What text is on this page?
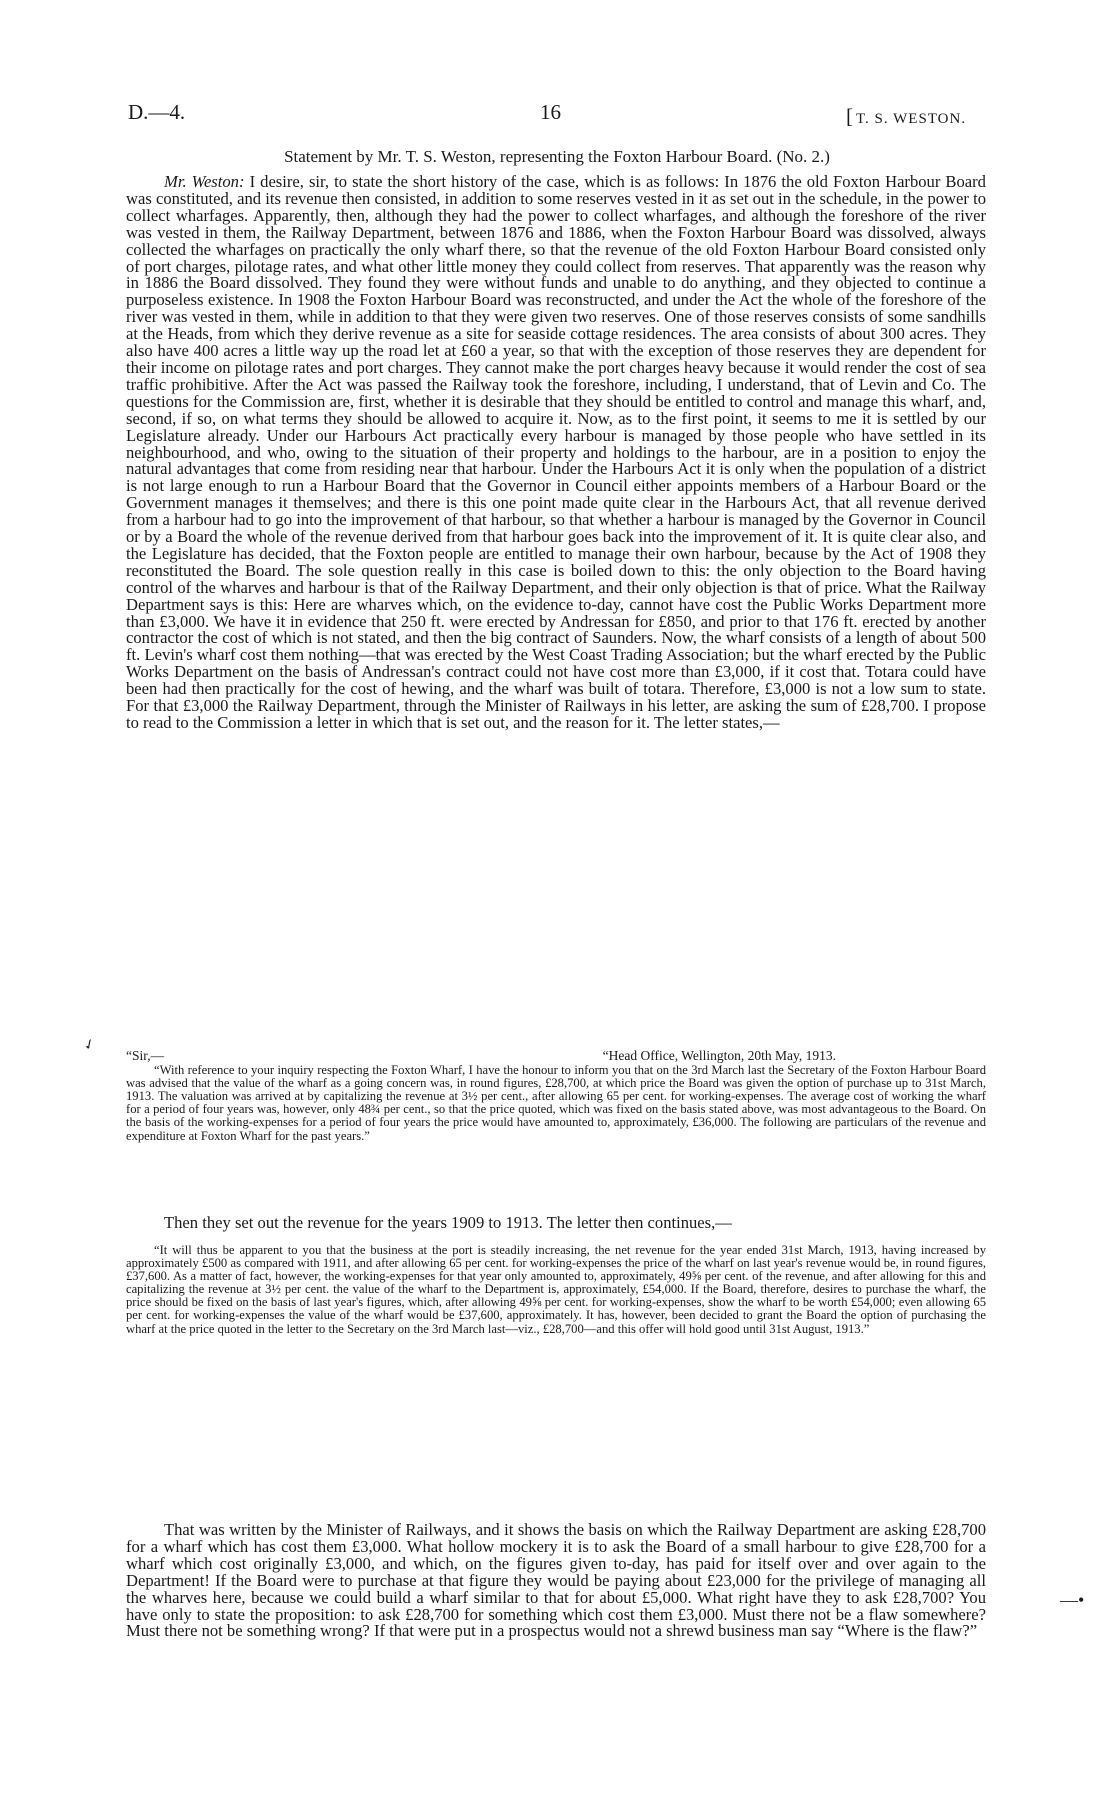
D.—4.	16	[ T. S. WESTON.
Statement by Mr. T. S. Weston, representing the Foxton Harbour Board. (No. 2.)

Mr. Weston: I desire, sir, to state the short history of the case, which is as follows: In 1876 the old Foxton Harbour Board was constituted, and its revenue then consisted, in addition to some reserves vested in it as set out in the schedule, in the power to collect wharfages. Apparently, then, although they had the power to collect wharfages, and although the foreshore of the river was vested in them, the Railway Department, between 1876 and 1886, when the Foxton Harbour Board was dissolved, always collected the wharfages on practically the only wharf there, so that the revenue of the old Foxton Harbour Board consisted only of port charges, pilotage rates, and what other little money they could collect from reserves. That apparently was the reason why in 1886 the Board dissolved. They found they were without funds and unable to do anything, and they objected to continue a purposeless existence. In 1908 the Foxton Harbour Board was reconstructed, and under the Act the whole of the foreshore of the river was vested in them, while in addition to that they were given two reserves. One of those reserves consists of some sandhills at the Heads, from which they derive revenue as a site for seaside cottage residences. The area consists of about 300 acres. They also have 400 acres a little way up the road let at £60 a year, so that with the exception of those reserves they are dependent for their income on pilotage rates and port charges. They cannot make the port charges heavy because it would render the cost of sea traffic prohibitive. After the Act was passed the Railway took the foreshore, including, I understand, that of Levin and Co. The questions for the Commission are, first, whether it is desirable that they should be entitled to control and manage this wharf, and, second, if so, on what terms they should be allowed to acquire it. Now, as to the first point, it seems to me it is settled by our Legislature already. Under our Harbours Act practically every harbour is managed by those people who have settled in its neighbourhood, and who, owing to the situation of their property and holdings to the harbour, are in a position to enjoy the natural advantages that come from residing near that harbour. Under the Harbours Act it is only when the population of a district is not large enough to run a Harbour Board that the Governor in Council either appoints members of a Harbour Board or the Government manages it themselves; and there is this one point made quite clear in the Harbours Act, that all revenue derived from a harbour had to go into the improvement of that harbour, so that whether a harbour is managed by the Governor in Council or by a Board the whole of the revenue derived from that harbour goes back into the improvement of it. It is quite clear also, and the Legislature has decided, that the Foxton people are entitled to manage their own harbour, because by the Act of 1908 they reconstituted the Board. The sole question really in this case is boiled down to this: the only objection to the Board having control of the wharves and harbour is that of the Railway Department, and their only objection is that of price. What the Railway Department says is this: Here are wharves which, on the evidence to-day, cannot have cost the Public Works Department more than £3,000. We have it in evidence that 250 ft. were erected by Andressan for £850, and prior to that 176 ft. erected by another contractor the cost of which is not stated, and then the big contract of Saunders. Now, the wharf consists of a length of about 500 ft. Levin's wharf cost them nothing—that was erected by the West Coast Trading Association; but the wharf erected by the Public Works Department on the basis of Andressan's contract could not have cost more than £3,000, if it cost that. Totara could have been had then practically for the cost of hewing, and the wharf was built of totara. Therefore, £3,000 is not a low sum to state. For that £3,000 the Railway Department, through the Minister of Railways in his letter, are asking the sum of £28,700. I propose to read to the Commission a letter in which that is set out, and the reason for it. The letter states,—

✓

“Sir,—	“Head Office, Wellington, 20th May, 1913.

“With reference to your inquiry respecting the Foxton Wharf, I have the honour to inform you that on the 3rd March last the Secretary of the Foxton Harbour Board was advised that the value of the wharf as a going concern was, in round figures, £28,700, at which price the Board was given the option of purchase up to 31st March, 1913. The valuation was arrived at by capitalizing the revenue at 3½ per cent., after allowing 65 per cent. for working-expenses. The average cost of working the wharf for a period of four years was, however, only 48¾ per cent., so that the price quoted, which was fixed on the basis stated above, was most advantageous to the Board. On the basis of the working-expenses for a period of four years the price would have amounted to, approximately, £36,000. The following are particulars of the revenue and expenditure at Foxton Wharf for the past years.”

Then they set out the revenue for the years 1909 to 1913. The letter then continues,—

“It will thus be apparent to you that the business at the port is steadily increasing, the net revenue for the year ended 31st March, 1913, having increased by approximately £500 as compared with 1911, and after allowing 65 per cent. for working-expenses the price of the wharf on last year's revenue would be, in round figures, £37,600. As a matter of fact, however, the working-expenses for that year only amounted to, approximately, 49⅝ per cent. of the revenue, and after allowing for this and capitalizing the revenue at 3½ per cent. the value of the wharf to the Department is, approximately, £54,000. If the Board, therefore, desires to purchase the wharf, the price should be fixed on the basis of last year's figures, which, after allowing 49⅝ per cent. for working-expenses, show the wharf to be worth £54,000; even allowing 65 per cent. for working-expenses the value of the wharf would be £37,600, approximately. It has, however, been decided to grant the Board the option of purchasing the wharf at the price quoted in the letter to the Secretary on the 3rd March last—viz., £28,700—and this offer will hold good until 31st August, 1913.”

That was written by the Minister of Railways, and it shows the basis on which the Railway Department are asking £28,700 for a wharf which has cost them £3,000. What hollow mockery it is to ask the Board of a small harbour to give £28,700 for a wharf which cost originally £3,000, and which, on the figures given to-day, has paid for itself over and over again to the Department! If the Board were to purchase at that figure they would be paying about £23,000 for the privilege of managing all the wharves here, because we could build a wharf similar to that for about £5,000. What right have they to ask £28,700? You have only to state the proposition: to ask £28,700 for something which cost them £3,000. Must there not be a flaw somewhere? Must there not be something wrong? If that were put in a prospectus would not a shrewd business man say “Where is the flaw?”

—•
